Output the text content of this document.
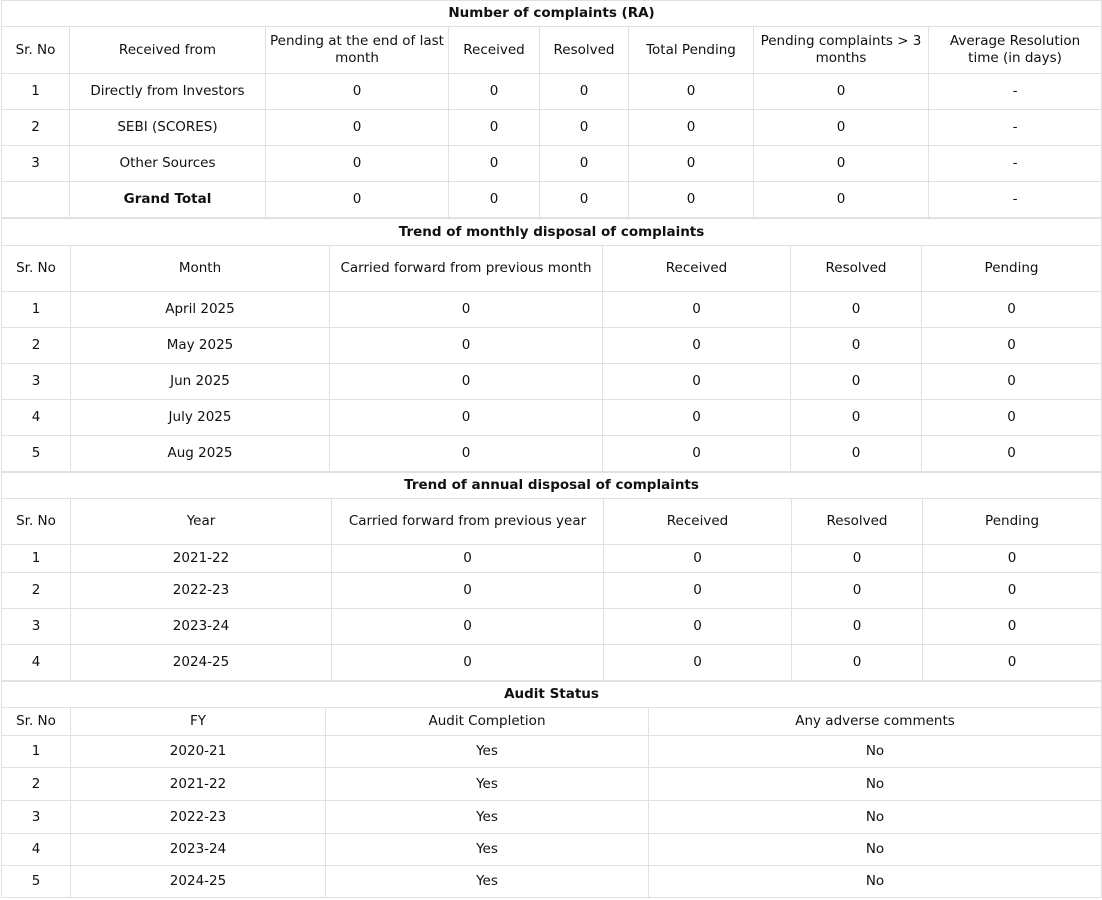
Number of complaints (RA)							
Sr. No	Received from	Pending at the end of last month	Received	Resolved	Total Pending	Pending complaints > 3 months	Average Resolution time (in days)
1	Directly from Investors	0	0	0	0	0	-
2	SEBI (SCORES)	0	0	0	0	0	-
3	Other Sources	0	0	0	0	0	-
	Grand Total	0	0	0	0	0	-
Trend of monthly disposal of complaints					
Sr. No	Month	Carried forward from previous month	Received	Resolved	Pending
1	April 2025	0	0	0	0
2	May 2025	0	0	0	0
3	Jun 2025	0	0	0	0
4	July 2025	0	0	0	0
5	Aug 2025	0	0	0	0
Trend of annual disposal of complaints					
Sr. No	Year	Carried forward from previous year	Received	Resolved	Pending
1	2021-22	0	0	0	0
2	2022-23	0	0	0	0
3	2023-24	0	0	0	0
4	2024-25	0	0	0	0
Audit Status			
Sr. No	FY	Audit Completion	Any adverse comments
1	2020-21	Yes	No
2	2021-22	Yes	No
3	2022-23	Yes	No
4	2023-24	Yes	No
5	2024-25	Yes	No
